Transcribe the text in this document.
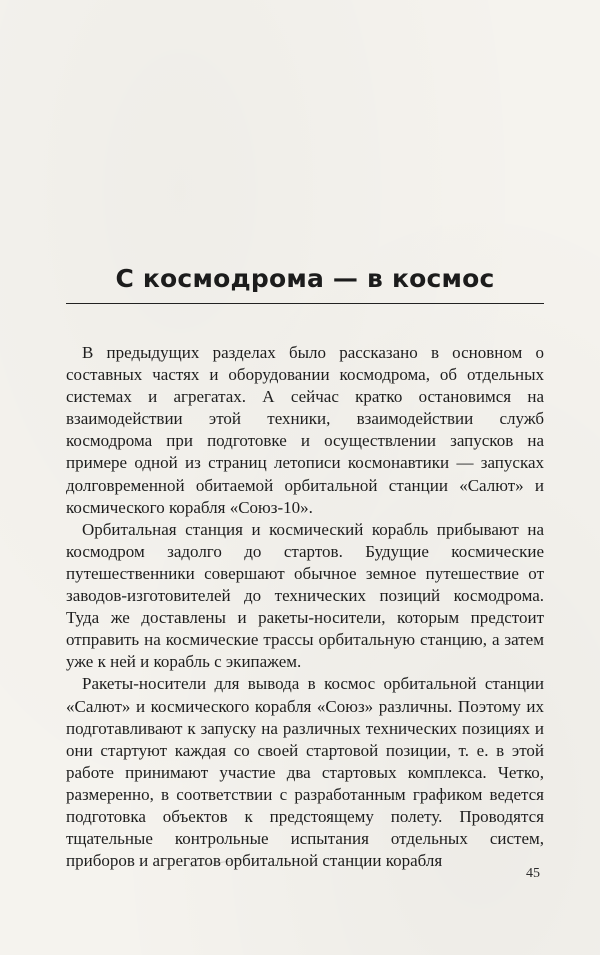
С космодрома — в космос

В предыдущих разделах было рассказано в основном о составных частях и оборудовании космодрома, об отдельных системах и агрегатах. А сейчас кратко остановимся на взаимодействии этой техники, взаимодействии служб космодрома при подготовке и осуществлении запусков на примере одной из страниц летописи космонавтики — запусках долговременной обитаемой орбитальной станции «Салют» и космического корабля «Союз-10».

Орбитальная станция и космический корабль прибывают на космодром задолго до стартов. Будущие космические путешественники совершают обычное земное путешествие от заводов-изготовителей до технических позиций космодрома. Туда же доставлены и ракеты-носители, которым предстоит отправить на космические трассы орбитальную станцию, а затем уже к ней и корабль с экипажем.

Ракеты-носители для вывода в космос орбитальной станции «Салют» и космического корабля «Союз» различны. Поэтому их подготавливают к запуску на различных технических позициях и они стартуют каждая со своей стартовой позиции, т. е. в этой работе принимают участие два стартовых комплекса. Четко, размеренно, в соответствии с разработанным графиком ведется подготовка объектов к предстоящему полету. Проводятся тщательные контрольные испытания отдельных систем, приборов и агрегатов орбитальной станции корабля

45
